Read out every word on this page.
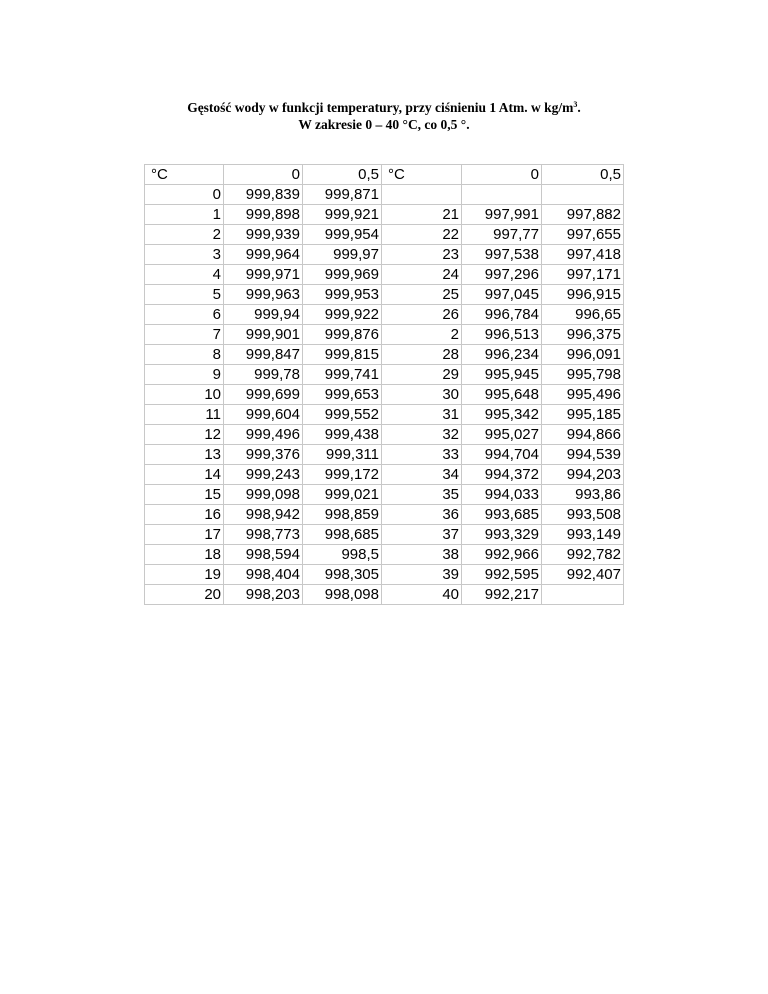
Gęstość wody w funkcji temperatury, przy ciśnieniu 1 Atm. w $kg/m^3$.
W zakresie 0 – 40 °C, co 0,5 °.
°C	0	0,5	°C	0	0,5
0	999,839	999,871			
1	999,898	999,921	21	997,991	997,882
2	999,939	999,954	22	997,77	997,655
3	999,964	999,97	23	997,538	997,418
4	999,971	999,969	24	997,296	997,171
5	999,963	999,953	25	997,045	996,915
6	999,94	999,922	26	996,784	996,65
7	999,901	999,876	2	996,513	996,375
8	999,847	999,815	28	996,234	996,091
9	999,78	999,741	29	995,945	995,798
10	999,699	999,653	30	995,648	995,496
11	999,604	999,552	31	995,342	995,185
12	999,496	999,438	32	995,027	994,866
13	999,376	999,311	33	994,704	994,539
14	999,243	999,172	34	994,372	994,203
15	999,098	999,021	35	994,033	993,86
16	998,942	998,859	36	993,685	993,508
17	998,773	998,685	37	993,329	993,149
18	998,594	998,5	38	992,966	992,782
19	998,404	998,305	39	992,595	992,407
20	998,203	998,098	40	992,217	
